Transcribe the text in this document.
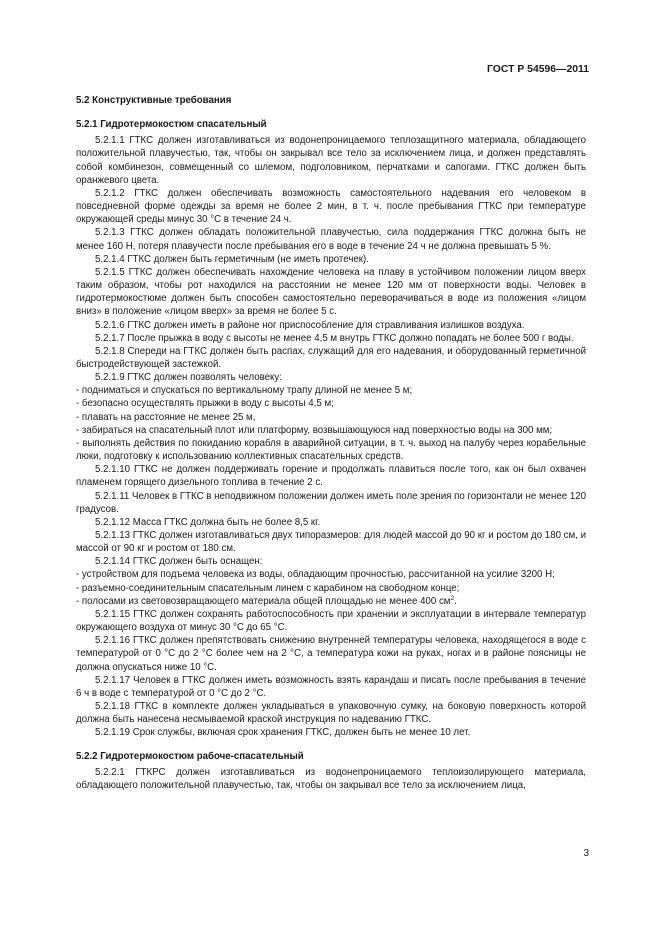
ГОСТ Р 54596—2011

5.2 Конструктивные требования

5.2.1 Гидротермокостюм спасательный

5.2.1.1 ГТКС должен изготавливаться из водонепроницаемого теплозащитного материала, обладающего положительной плавучестью, так, чтобы он закрывал все тело за исключением лица, и должен представлять собой комбинезон, совмещенный со шлемом, подголовником, перчатками и сапогами. ГТКС должен быть оранжевого цвета.

5.2.1.2 ГТКС должен обеспечивать возможность самостоятельного надевания его человеком в повседневной форме одежды за время не более 2 мин, в т. ч. после пребывания ГТКС при температуре окружающей среды минус 30 °С в течение 24 ч.

5.2.1.3 ГТКС должен обладать положительной плавучестью, сила поддержания ГТКС должна быть не менее 160 Н, потеря плавучести после пребывания его в воде в течение 24 ч не должна превышать 5 %.

5.2.1.4 ГТКС должен быть герметичным (не иметь протечек).

5.2.1.5 ГТКС должен обеспечивать нахождение человека на плаву в устойчивом положении лицом вверх таким образом, чтобы рот находился на расстоянии не менее 120 мм от поверхности воды. Человек в гидротермокостюме должен быть способен самостоятельно переворачиваться в воде из положения «лицом вниз» в положение «лицом вверх» за время не более 5 с.

5.2.1.6 ГТКС должен иметь в районе ног приспособление для стравливания излишков воздуха.

5.2.1.7 После прыжка в воду с высоты не менее 4,5 м внутрь ГТКС должно попадать не более 500 г воды.

5.2.1.8 Спереди на ГТКС должен быть распах, служащий для его надевания, и оборудованный герметичной быстродействующей застежкой.

5.2.1.9 ГТКС должен позволять человеку:

- подниматься и спускаться по вертикальному трапу длиной не менее 5 м;

- безопасно осуществлять прыжки в воду с высоты 4,5 м;

- плавать на расстояние не менее 25 м,

- забираться на спасательный плот или платформу, возвышающуюся над поверхностью воды на 300 мм;

- выполнять действия по покиданию корабля в аварийной ситуации, в т. ч. выход на палубу через корабельные люки, подготовку к использованию коллективных спасательных средств.

5.2.1.10 ГТКС не должен поддерживать горение и продолжать плавиться после того, как он был охвачен пламенем горящего дизельного топлива в течение 2 с.

5.2.1.11 Человек в ГТКС в неподвижном положении должен иметь поле зрения по горизонтали не менее 120 градусов.

5.2.1.12 Масса ГТКС должна быть не более 8,5 кг.

5.2.1.13 ГТКС должен изготавливаться двух типоразмеров: для людей массой до 90 кг и ростом до 180 см, и массой от 90 кг и ростом от 180 см.

5.2.1.14 ГТКС должен быть оснащен:

- устройством для подъема человека из воды, обладающим прочностью, рассчитанной на усилие 3200 Н;

- разъемно-соединительным спасательным линем с карабином на свободном конце;

- полосами из световозвращающего материала общей площадью не менее 400 $см^2$.

5.2.1.15 ГТКС должен сохранять работоспособность при хранении и эксплуатации в интервале температур окружающего воздуха от минус 30 °С до 65 °С.

5.2.1.16 ГТКС должен препятствовать снижению внутренней температуры человека, находящегося в воде с температурой от 0 °С до 2 °С более чем на 2 °С, а температура кожи на руках, ногах и в районе поясницы не должна опускаться ниже 10 °С.

5.2.1.17 Человек в ГТКС должен иметь возможность взять карандаш и писать после пребывания в течение 6 ч в воде с температурой от 0 °С до 2 °С.

5.2.1.18 ГТКС в комплекте должен укладываться в упаковочную сумку, на боковую поверхность которой должна быть нанесена несмываемой краской инструкция по надеванию ГТКС.

5.2.1.19 Срок службы, включая срок хранения ГТКС, должен быть не менее 10 лет.

5.2.2 Гидротермокостюм рабоче-спасательный

5.2.2.1 ГТКРС должен изготавливаться из водонепроницаемого теплоизолирующего материала, обладающего положительной плавучестью, так, чтобы он закрывал все тело за исключением лица,

3
